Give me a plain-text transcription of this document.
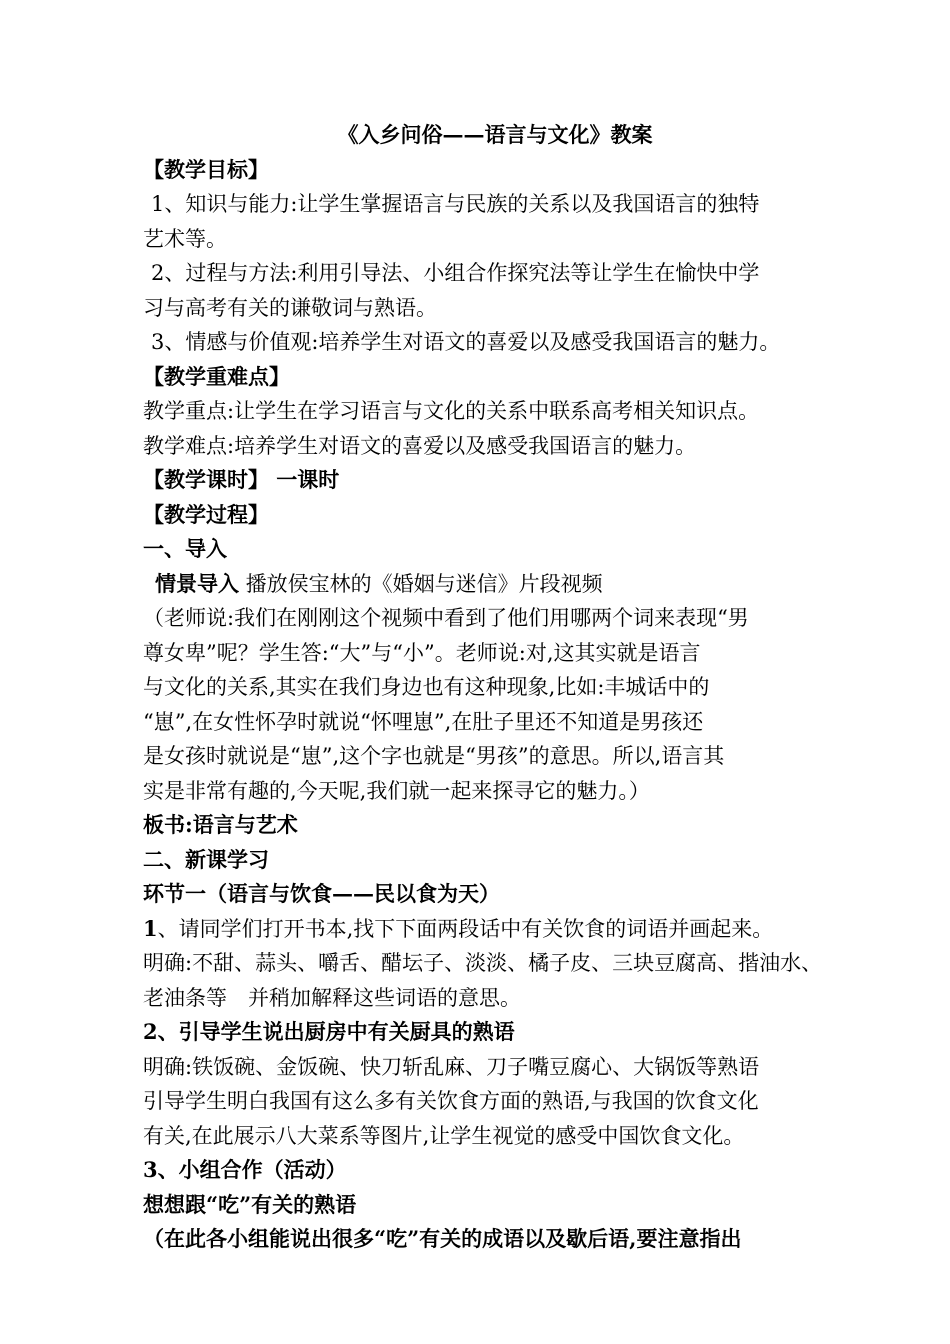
《入乡问俗——语言与文化》教案
【教学目标】
1、知识与能力:让学生掌握语言与民族的关系以及我国语言的独特
艺术等。
2、过程与方法:利用引导法、小组合作探究法等让学生在愉快中学
习与高考有关的谦敬词与熟语。
3、情感与价值观:培养学生对语文的喜爱以及感受我国语言的魅力。
【教学重难点】
教学重点:让学生在学习语言与文化的关系中联系高考相关知识点。
教学难点:培养学生对语文的喜爱以及感受我国语言的魅力。
【教学课时】 一课时
【教学过程】
一、导入
情景导入 播放侯宝林的《婚姻与迷信》片段视频
（老师说:我们在刚刚这个视频中看到了他们用哪两个词来表现“男
尊女卑”呢？学生答:“大”与“小”。老师说:对,这其实就是语言
与文化的关系,其实在我们身边也有这种现象,比如:丰城话中的
“崽”,在女性怀孕时就说“怀哩崽”,在肚子里还不知道是男孩还
是女孩时就说是“崽”,这个字也就是“男孩”的意思。所以,语言其
实是非常有趣的,今天呢,我们就一起来探寻它的魅力。）
板书:语言与艺术
二、新课学习
环节一（语言与饮食——民以食为天）
1、请同学们打开书本,找下下面两段话中有关饮食的词语并画起来。
明确:不甜、蒜头、嚼舌、醋坛子、淡淡、橘子皮、三块豆腐高、揩油水、
老油条等　并稍加解释这些词语的意思。
2、引导学生说出厨房中有关厨具的熟语
明确:铁饭碗、金饭碗、快刀斩乱麻、刀子嘴豆腐心、大锅饭等熟语
引导学生明白我国有这么多有关饮食方面的熟语,与我国的饮食文化
有关,在此展示八大菜系等图片,让学生视觉的感受中国饮食文化。
3、小组合作（活动）
想想跟“吃”有关的熟语
（在此各小组能说出很多“吃”有关的成语以及歇后语,要注意指出
